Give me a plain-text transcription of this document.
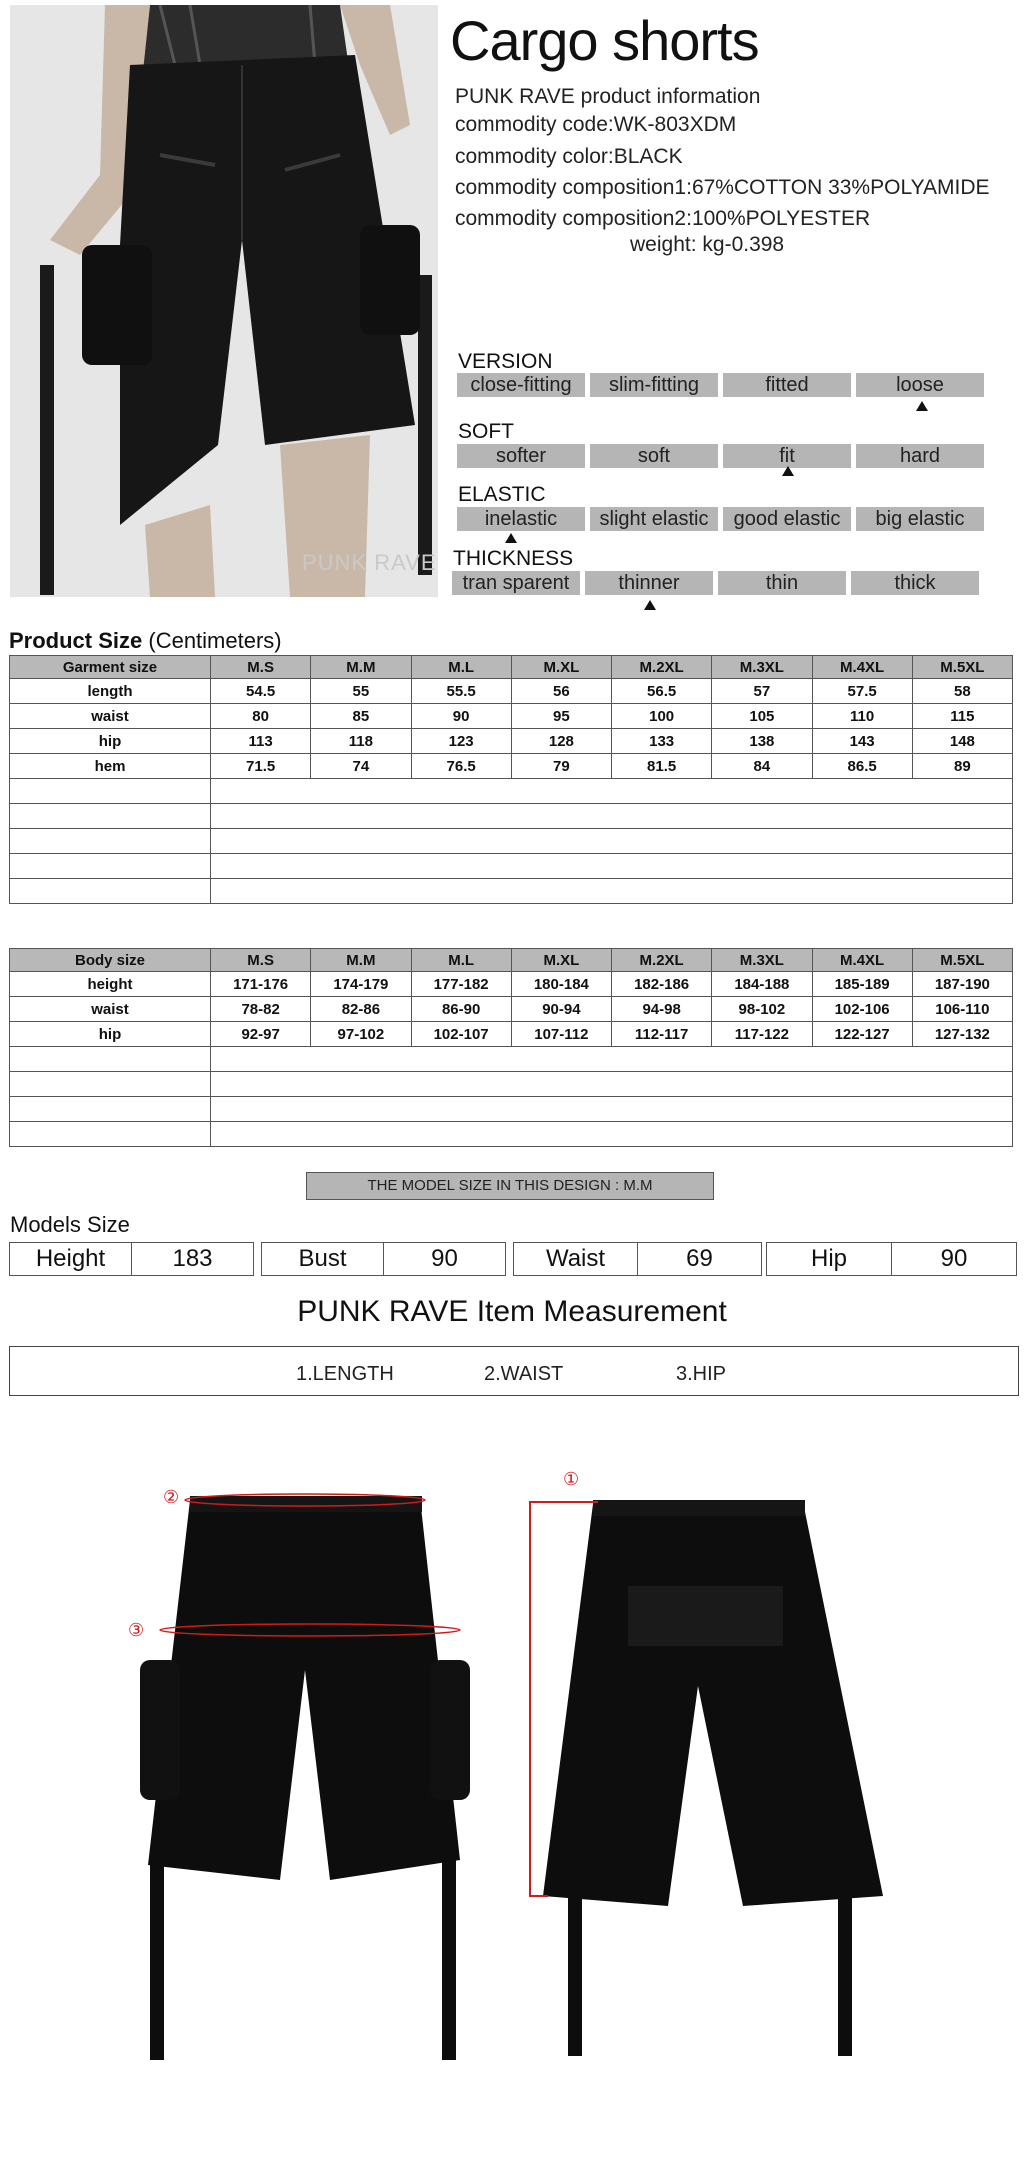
PUNK RAVE
Cargo shorts
PUNK RAVE product information
commodity code:WK-803XDM
commodity color:BLACK
commodity composition1:67%COTTON 33%POLYAMIDE
commodity composition2:100%POLYESTER
weight: kg-0.398
VERSION
close-fitting	slim-fitting	fitted	loose
SOFT
softer	soft	fit	hard
ELASTIC
inelastic	slight elastic	good elastic	big elastic
THICKNESS
tran sparent	thinner	thin	thick
Product Size (Centimeters)
Garment size	M.S	M.M	M.L	M.XL	M.2XL	M.3XL	M.4XL	M.5XL
length	54.5	55	55.5	56	56.5	57	57.5	58
waist	80	85	90	95	100	105	110	115
hip	113	118	123	128	133	138	143	148
hem	71.5	74	76.5	79	81.5	84	86.5	89

Body size	M.S	M.M	M.L	M.XL	M.2XL	M.3XL	M.4XL	M.5XL
height	171-176	174-179	177-182	180-184	182-186	184-188	185-189	187-190
waist	78-82	82-86	86-90	90-94	94-98	98-102	102-106	106-110
hip	92-97	97-102	102-107	107-112	112-117	117-122	122-127	127-132

THE MODEL SIZE IN THIS DESIGN : M.M
Models Size
Height	183	Bust	90	Waist	69	Hip	90
PUNK RAVE Item Measurement
1.LENGTH	2.WAIST	3.HIP
②
③
①
